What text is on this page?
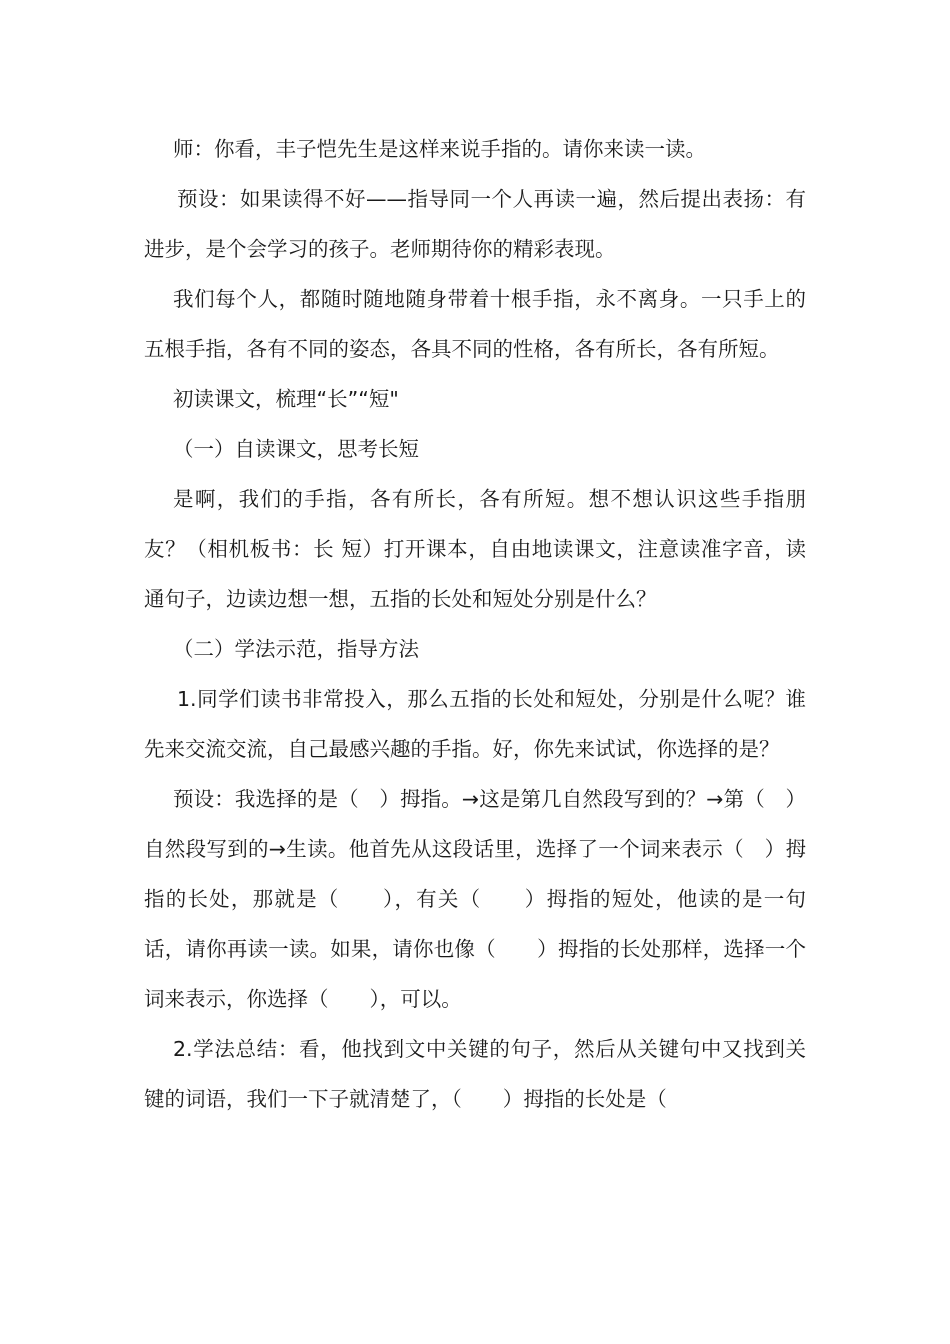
师：你看，丰子恺先生是这样来说手指的。请你来读一读。

预设：如果读得不好——指导同一个人再读一遍，然后提出表扬：有进步，是个会学习的孩子。老师期待你的精彩表现。

我们每个人，都随时随地随身带着十根手指，永不离身。一只手上的五根手指，各有不同的姿态，各具不同的性格，各有所长，各有所短。

初读课文，梳理“长”“短"

（一）自读课文，思考长短

是啊，我们的手指，各有所长，各有所短。想不想认识这些手指朋友？（相机板书：长 短）打开课本，自由地读课文，注意读准字音，读通句子，边读边想一想，五指的长处和短处分别是什么？

（二）学法示范，指导方法

1.同学们读书非常投入，那么五指的长处和短处，分别是什么呢？谁先来交流交流，自己最感兴趣的手指。好，你先来试试，你选择的是？

预设：我选择的是（　）拇指。→这是第几自然段写到的？→第（　）自然段写到的→生读。他首先从这段话里，选择了一个词来表示（　）拇指的长处，那就是（　　），有关（　　）拇指的短处，他读的是一句话，请你再读一读。如果，请你也像（　　）拇指的长处那样，选择一个词来表示，你选择（　　），可以。

2.学法总结：看，他找到文中关键的句子，然后从关键句中又找到关键的词语，我们一下子就清楚了，（　　）拇指的长处是（
